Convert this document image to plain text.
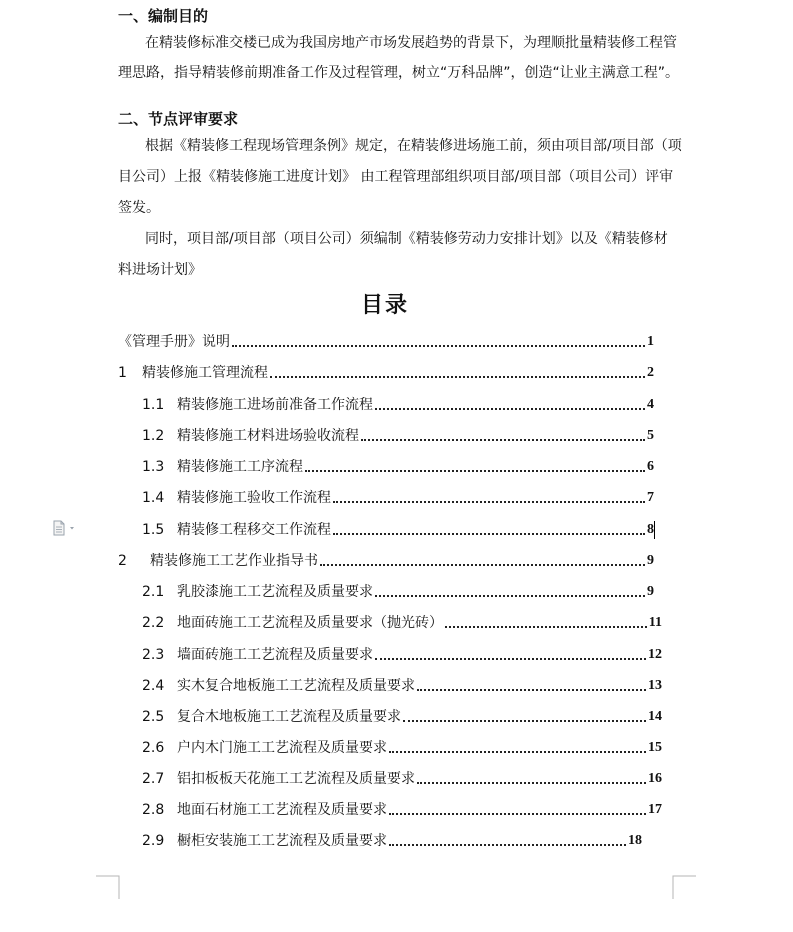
一、编制目的
在精装修标准交楼已成为我国房地产市场发展趋势的背景下，为理顺批量精装修工程管
理思路，指导精装修前期准备工作及过程管理，树立“万科品牌”，创造“让业主满意工程”。
二、节点评审要求
根据《精装修工程现场管理条例》规定，在精装修进场施工前，须由项目部/项目部（项
目公司）上报《精装修施工进度计划》 由工程管理部组织项目部/项目部（项目公司）评审
签发。
同时，项目部/项目部（项目公司）须编制《精装修劳动力安排计划》以及《精装修材
料进场计划》
目录
《管理手册》说明	1
1	精装修施工管理流程	2
1.1 精装修施工进场前准备工作流程	4
1.2 精装修施工材料进场验收流程	5
1.3 精装修施工工序流程	6
1.4 精装修施工验收工作流程	7
1.5 精装修工程移交工作流程	8
2	精装修施工工艺作业指导书	9
2.1 乳胶漆施工工艺流程及质量要求	9
2.2 地面砖施工工艺流程及质量要求（抛光砖）	11
2.3 墙面砖施工工艺流程及质量要求	12
2.4 实木复合地板施工工艺流程及质量要求	13
2.5 复合木地板施工工艺流程及质量要求	14
2.6 户内木门施工工艺流程及质量要求	15
2.7 铝扣板板天花施工工艺流程及质量要求	16
2.8 地面石材施工工艺流程及质量要求	17
2.9 橱柜安装施工工艺流程及质量要求	18
